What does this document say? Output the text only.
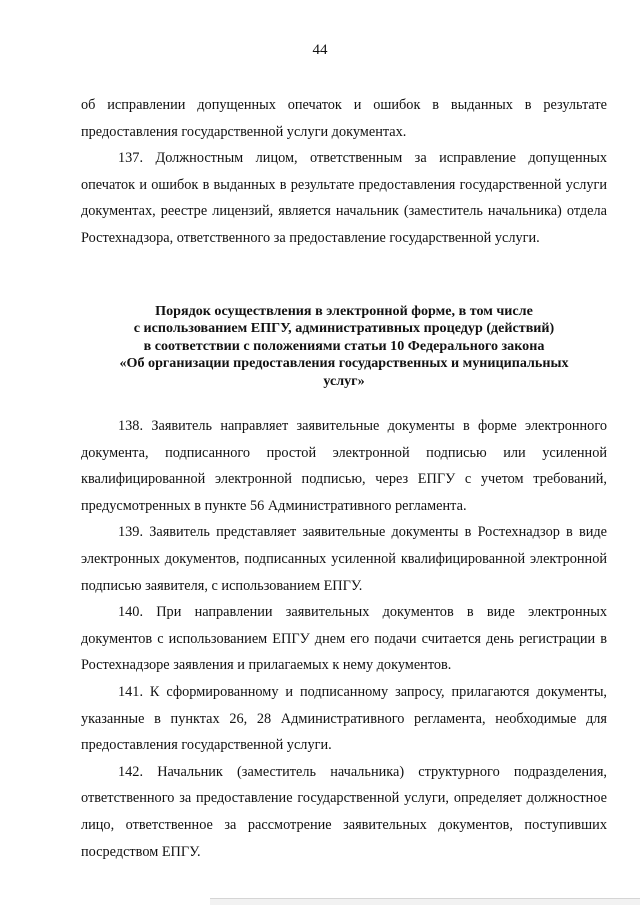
44

об исправлении допущенных опечаток и ошибок в выданных в результате предоставления государственной услуги документах.

137. Должностным лицом, ответственным за исправление допущенных опечаток и ошибок в выданных в результате предоставления государственной услуги документах, реестре лицензий, является начальник (заместитель начальника) отдела Ростехнадзора, ответственного за предоставление государственной услуги.

Порядок осуществления в электронной форме, в том числе
с использованием ЕПГУ, административных процедур (действий)
в соответствии с положениями статьи 10 Федерального закона
«Об организации предоставления государственных и муниципальных
услуг»

138. Заявитель направляет заявительные документы в форме электронного документа, подписанного простой электронной подписью или усиленной квалифицированной электронной подписью, через ЕПГУ с учетом требований, предусмотренных в пункте 56 Административного регламента.

139. Заявитель представляет заявительные документы в Ростехнадзор в виде электронных документов, подписанных усиленной квалифицированной электронной подписью заявителя, с использованием ЕПГУ.

140. При направлении заявительных документов в виде электронных документов с использованием ЕПГУ днем его подачи считается день регистрации в Ростехнадзоре заявления и прилагаемых к нему документов.

141. К сформированному и подписанному запросу, прилагаются документы, указанные в пунктах 26, 28 Административного регламента, необходимые для предоставления государственной услуги.

142. Начальник (заместитель начальника) структурного подразделения, ответственного за предоставление государственной услуги, определяет должностное лицо, ответственное за рассмотрение заявительных документов, поступивших посредством ЕПГУ.
